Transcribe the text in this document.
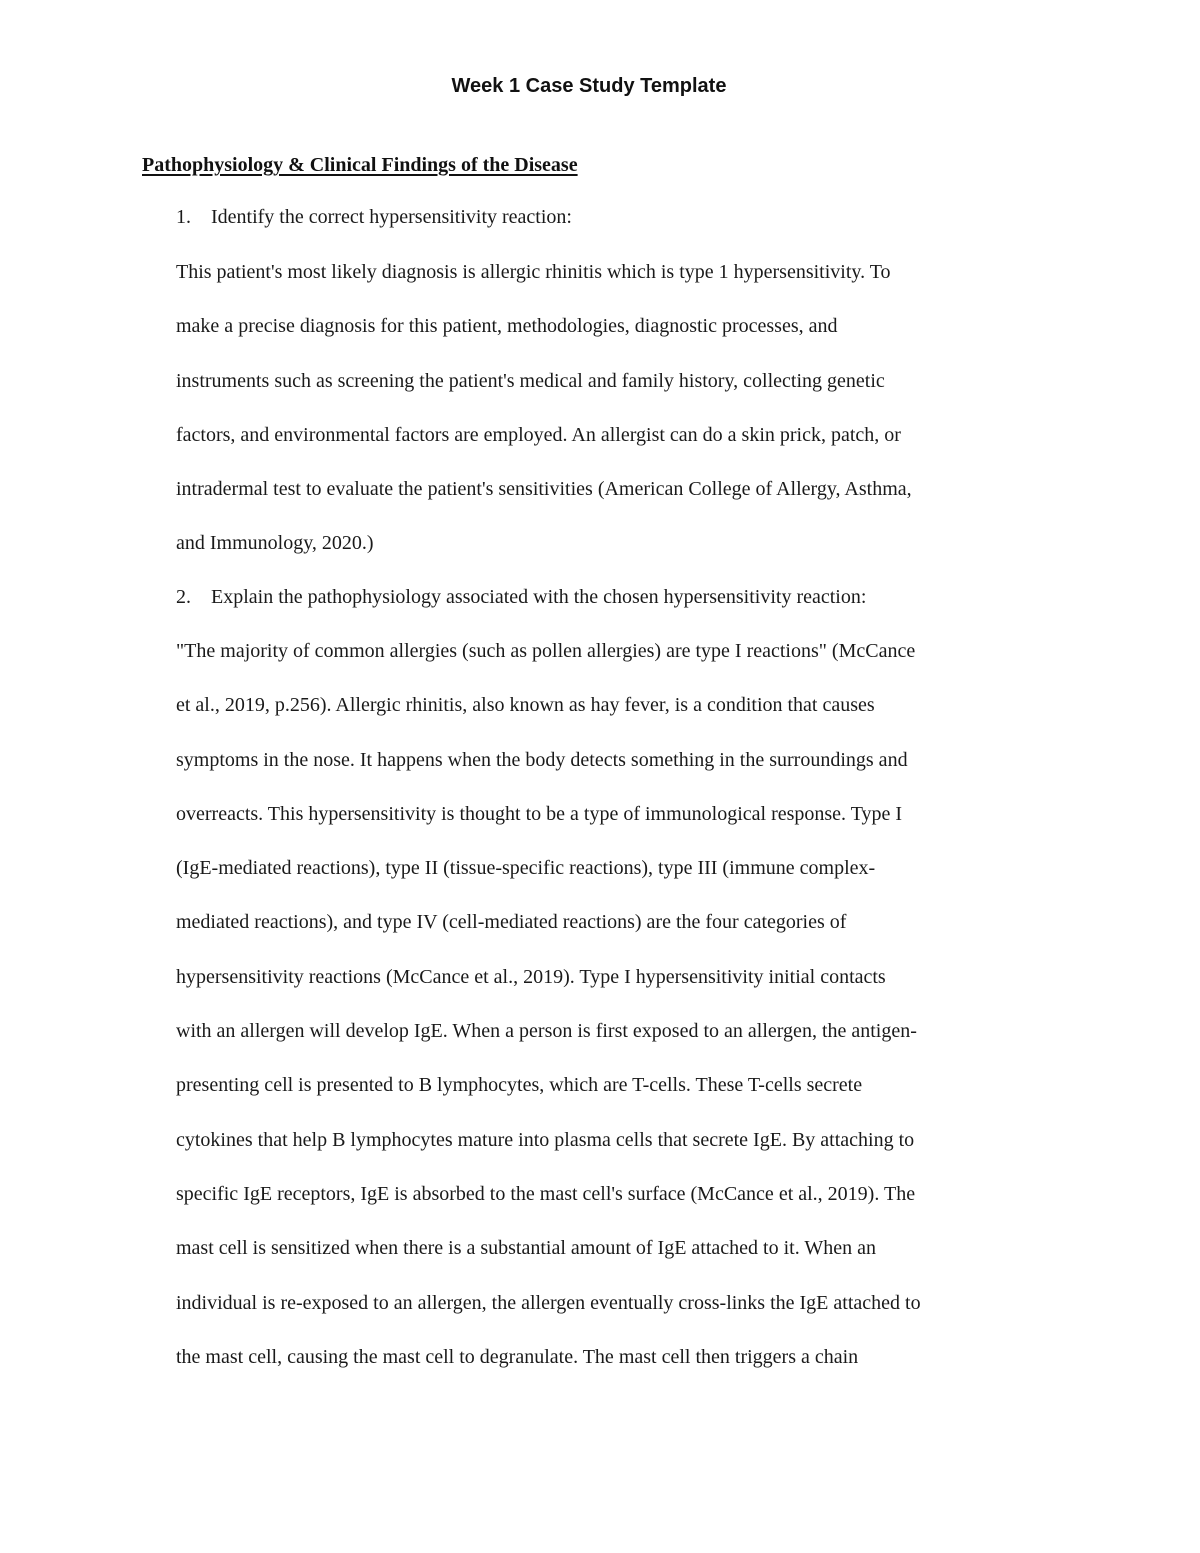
Week 1 Case Study Template
Pathophysiology & Clinical Findings of the Disease
1. Identify the correct hypersensitivity reaction:
This patient's most likely diagnosis is allergic rhinitis which is type 1 hypersensitivity. To
make a precise diagnosis for this patient, methodologies, diagnostic processes, and
instruments such as screening the patient's medical and family history, collecting genetic
factors, and environmental factors are employed. An allergist can do a skin prick, patch, or
intradermal test to evaluate the patient's sensitivities (American College of Allergy, Asthma,
and Immunology, 2020.)
2. Explain the pathophysiology associated with the chosen hypersensitivity reaction:
"The majority of common allergies (such as pollen allergies) are type I reactions" (McCance
et al., 2019, p.256). Allergic rhinitis, also known as hay fever, is a condition that causes
symptoms in the nose. It happens when the body detects something in the surroundings and
overreacts. This hypersensitivity is thought to be a type of immunological response. Type I
(IgE-mediated reactions), type II (tissue-specific reactions), type III (immune complex-
mediated reactions), and type IV (cell-mediated reactions) are the four categories of
hypersensitivity reactions (McCance et al., 2019). Type I hypersensitivity initial contacts
with an allergen will develop IgE. When a person is first exposed to an allergen, the antigen-
presenting cell is presented to B lymphocytes, which are T-cells. These T-cells secrete
cytokines that help B lymphocytes mature into plasma cells that secrete IgE. By attaching to
specific IgE receptors, IgE is absorbed to the mast cell's surface (McCance et al., 2019). The
mast cell is sensitized when there is a substantial amount of IgE attached to it. When an
individual is re-exposed to an allergen, the allergen eventually cross-links the IgE attached to
the mast cell, causing the mast cell to degranulate. The mast cell then triggers a chain
